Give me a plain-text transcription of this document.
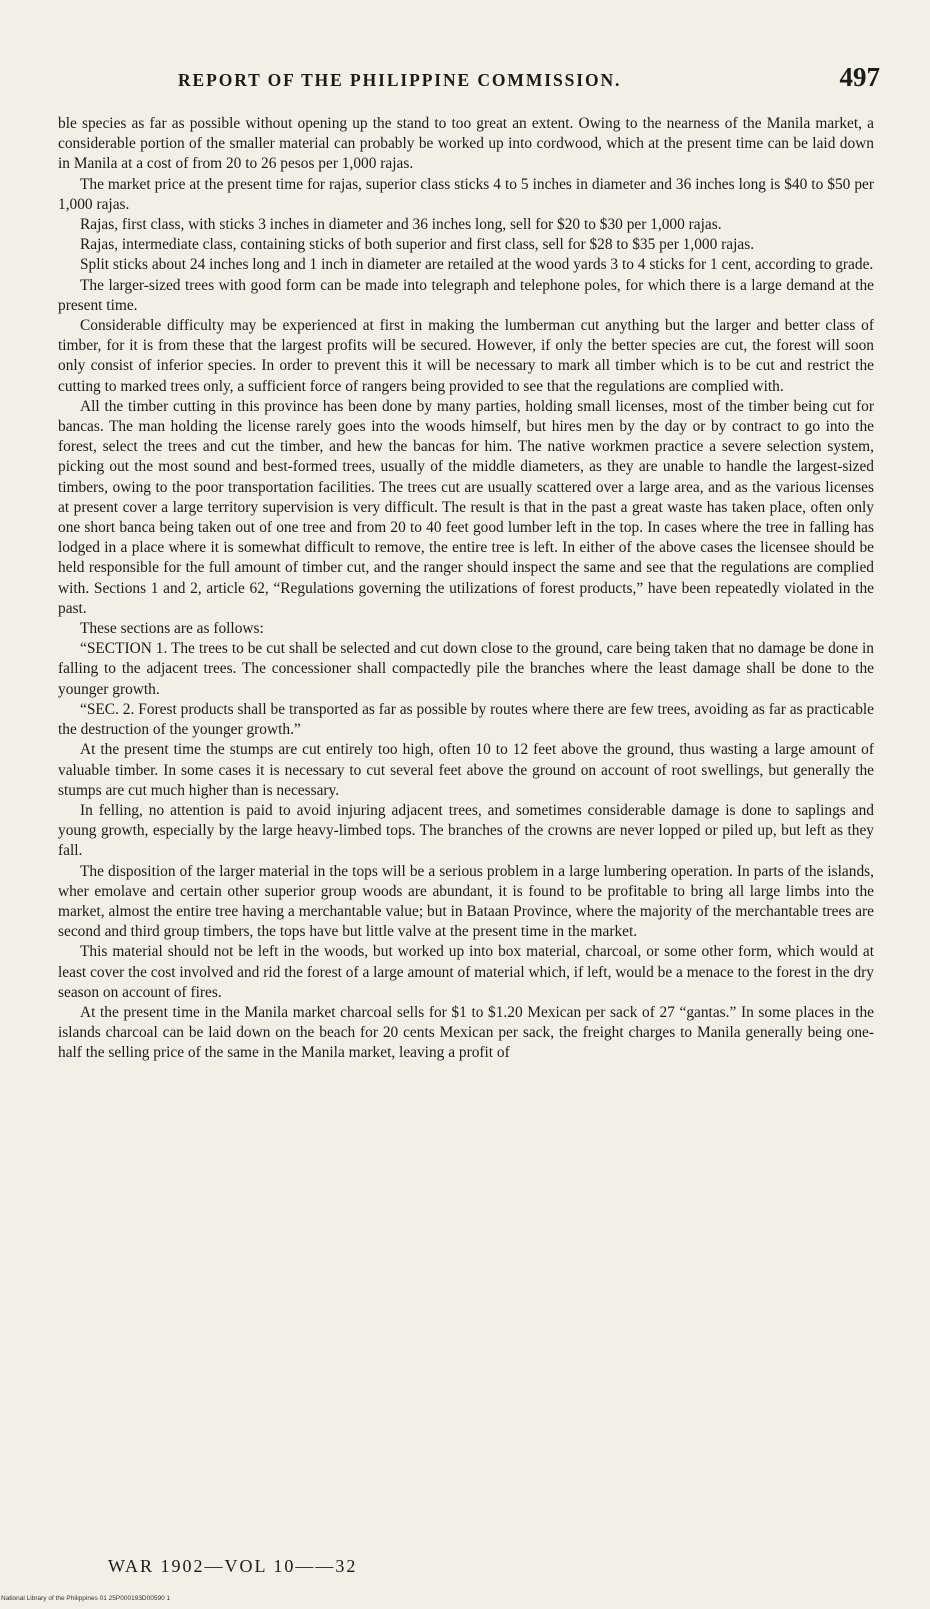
REPORT OF THE PHILIPPINE COMMISSION.	497

ble species as far as possible without opening up the stand to too great an extent. Owing to the nearness of the Manila market, a considerable portion of the smaller material can probably be worked up into cordwood, which at the present time can be laid down in Manila at a cost of from 20 to 26 pesos per 1,000 rajas.

The market price at the present time for rajas, superior class sticks 4 to 5 inches in diameter and 36 inches long is $40 to $50 per 1,000 rajas.

Rajas, first class, with sticks 3 inches in diameter and 36 inches long, sell for $20 to $30 per 1,000 rajas.

Rajas, intermediate class, containing sticks of both superior and first class, sell for $28 to $35 per 1,000 rajas.

Split sticks about 24 inches long and 1 inch in diameter are retailed at the wood yards 3 to 4 sticks for 1 cent, according to grade.

The larger-sized trees with good form can be made into telegraph and telephone poles, for which there is a large demand at the present time.

Considerable difficulty may be experienced at first in making the lumberman cut anything but the larger and better class of timber, for it is from these that the largest profits will be secured. However, if only the better species are cut, the forest will soon only consist of inferior species. In order to prevent this it will be necessary to mark all timber which is to be cut and restrict the cutting to marked trees only, a sufficient force of rangers being provided to see that the regulations are complied with.

All the timber cutting in this province has been done by many parties, holding small licenses, most of the timber being cut for bancas. The man holding the license rarely goes into the woods himself, but hires men by the day or by contract to go into the forest, select the trees and cut the timber, and hew the bancas for him. The native workmen practice a severe selection system, picking out the most sound and best-formed trees, usually of the middle diameters, as they are unable to handle the largest-sized timbers, owing to the poor transportation facilities. The trees cut are usually scattered over a large area, and as the various licenses at present cover a large territory supervision is very difficult. The result is that in the past a great waste has taken place, often only one short banca being taken out of one tree and from 20 to 40 feet good lumber left in the top. In cases where the tree in falling has lodged in a place where it is somewhat difficult to remove, the entire tree is left. In either of the above cases the licensee should be held responsible for the full amount of timber cut, and the ranger should inspect the same and see that the regulations are complied with. Sections 1 and 2, article 62, “Regulations governing the utilizations of forest products,” have been repeatedly violated in the past.

These sections are as follows:

“SECTION 1. The trees to be cut shall be selected and cut down close to the ground, care being taken that no damage be done in falling to the adjacent trees. The concessioner shall compactedly pile the branches where the least damage shall be done to the younger growth.

“SEC. 2. Forest products shall be transported as far as possible by routes where there are few trees, avoiding as far as practicable the destruction of the younger growth.”

At the present time the stumps are cut entirely too high, often 10 to 12 feet above the ground, thus wasting a large amount of valuable timber. In some cases it is necessary to cut several feet above the ground on account of root swellings, but generally the stumps are cut much higher than is necessary.

In felling, no attention is paid to avoid injuring adjacent trees, and sometimes considerable damage is done to saplings and young growth, especially by the large heavy-limbed tops. The branches of the crowns are never lopped or piled up, but left as they fall.

The disposition of the larger material in the tops will be a serious problem in a large lumbering operation. In parts of the islands, wher emolave and certain other superior group woods are abundant, it is found to be profitable to bring all large limbs into the market, almost the entire tree having a merchantable value; but in Bataan Province, where the majority of the merchantable trees are second and third group timbers, the tops have but little valve at the present time in the market.

This material should not be left in the woods, but worked up into box material, charcoal, or some other form, which would at least cover the cost involved and rid the forest of a large amount of material which, if left, would be a menace to the forest in the dry season on account of fires.

At the present time in the Manila market charcoal sells for $1 to $1.20 Mexican per sack of 27 “gantas.” In some places in the islands charcoal can be laid down on the beach for 20 cents Mexican per sack, the freight charges to Manila generally being one-half the selling price of the same in the Manila market, leaving a profit of

WAR 1902—VOL 10——32
National Library of the Philippines 01 25P000193D00590 1
